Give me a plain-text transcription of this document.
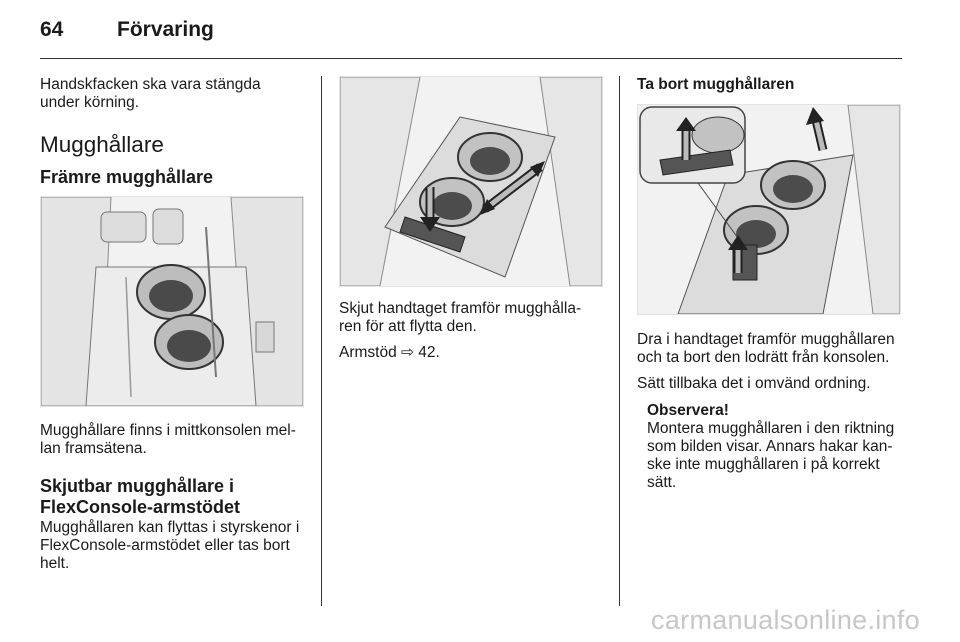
64	Förvaring

Handskfacken ska vara stängda under körning.

Mugghållare
Främre mugghållare

Mugghållare finns i mittkonsolen mel-lan framsätena.

Skjutbar mugghållare i FlexConsole-armstödet

Mugghållaren kan flyttas i styrskenor i FlexConsole-armstödet eller tas bort helt.

Skjut handtaget framför mugghålla-ren för att flytta den.

Armstöd ⇨ 42.

Ta bort mugghållaren

Dra i handtaget framför mugghållaren och ta bort den lodrätt från konsolen.

Sätt tillbaka det i omvänd ordning.

Observera!

Montera mugghållaren i den riktning som bilden visar. Annars hakar kan-ske inte mugghållaren i på korrekt sätt.

carmanualsonline.info
